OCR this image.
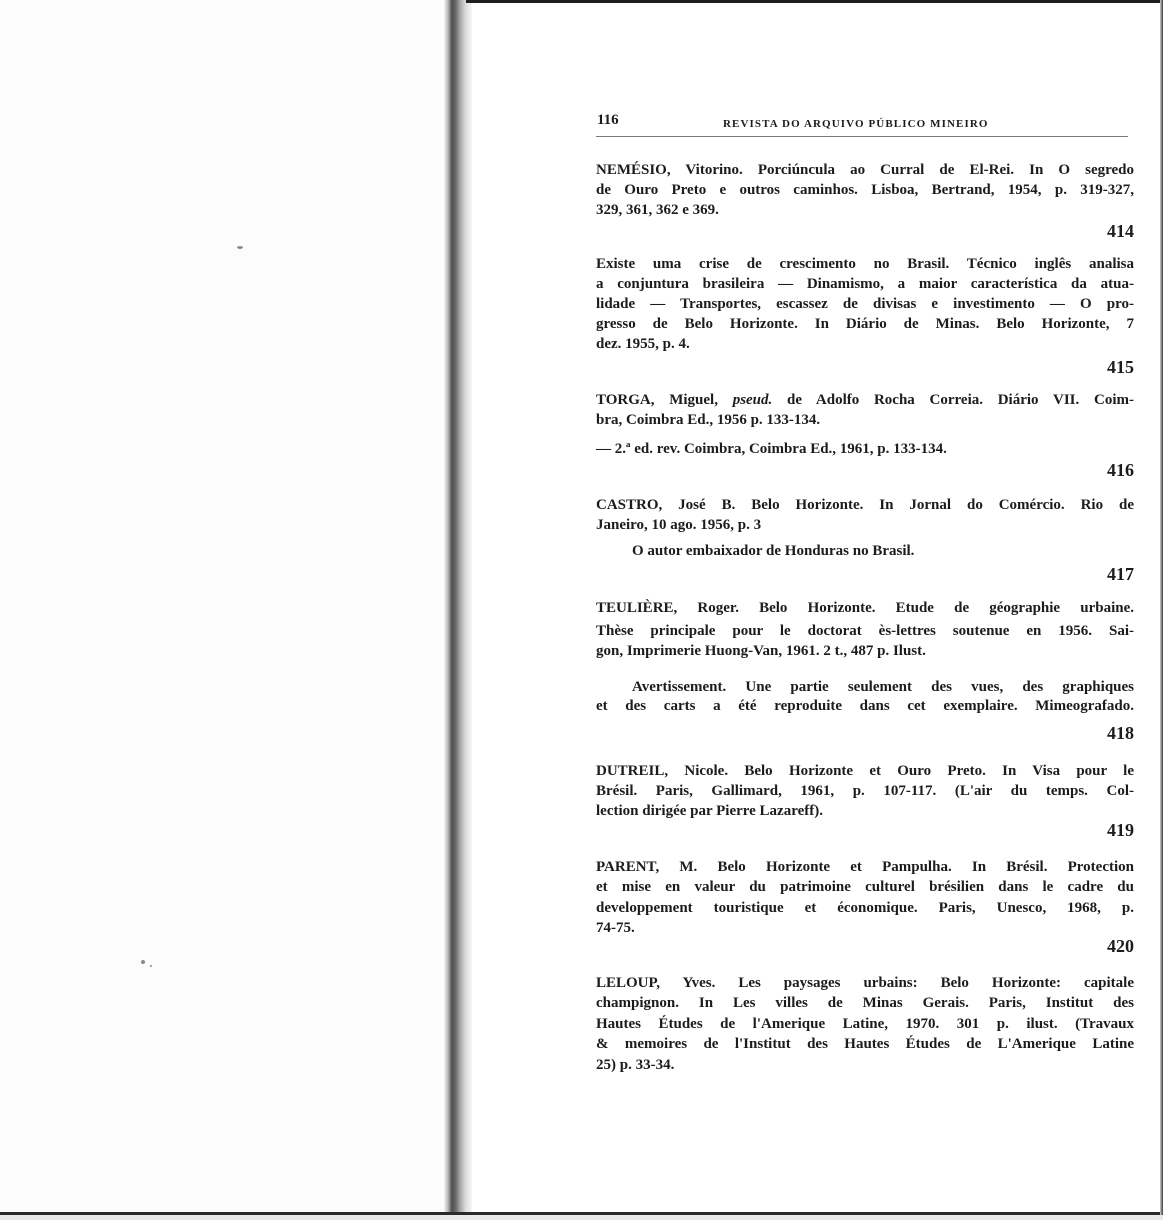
116	REVISTA DO ARQUIVO PÚBLICO MINEIRO
NEMÉSIO, Vitorino. Porciúncula ao Curral de El-Rei. In O segredo
de Ouro Preto e outros caminhos. Lisboa, Bertrand, 1954, p. 319-327,
329, 361, 362 e 369.
414
Existe uma crise de crescimento no Brasil. Técnico inglês analisa
a conjuntura brasileira — Dinamismo, a maior característica da atua-
lidade — Transportes, escassez de divisas e investimento — O pro-
gresso de Belo Horizonte. In Diário de Minas. Belo Horizonte, 7
dez. 1955, p. 4.
415
TORGA, Miguel, pseud. de Adolfo Rocha Correia. Diário VII. Coim-
bra, Coimbra Ed., 1956 p. 133-134.
— 2.ª ed. rev. Coimbra, Coimbra Ed., 1961, p. 133-134.
416
CASTRO, José B. Belo Horizonte. In Jornal do Comércio. Rio de
Janeiro, 10 ago. 1956, p. 3
O autor embaixador de Honduras no Brasil.
417
TEULIÈRE, Roger. Belo Horizonte. Etude de géographie urbaine.
Thèse principale pour le doctorat ès-lettres soutenue en 1956. Sai-
gon, Imprimerie Huong-Van, 1961. 2 t., 487 p. Ilust.
Avertissement. Une partie seulement des vues, des graphiques
et des carts a été reproduite dans cet exemplaire. Mimeografado.
418
DUTREIL, Nicole. Belo Horizonte et Ouro Preto. In Visa pour le
Brésil. Paris, Gallimard, 1961, p. 107-117. (L'air du temps. Col-
lection dirigée par Pierre Lazareff).
419
PARENT, M. Belo Horizonte et Pampulha. In Brésil. Protection
et mise en valeur du patrimoine culturel brésilien dans le cadre du
developpement touristique et économique. Paris, Unesco, 1968, p.
74-75.
420
LELOUP, Yves. Les paysages urbains: Belo Horizonte: capitale
champignon. In Les villes de Minas Gerais. Paris, Institut des
Hautes Études de l'Amerique Latine, 1970. 301 p. ilust. (Travaux
& memoires de l'Institut des Hautes Études de L'Amerique Latine
25) p. 33-34.
